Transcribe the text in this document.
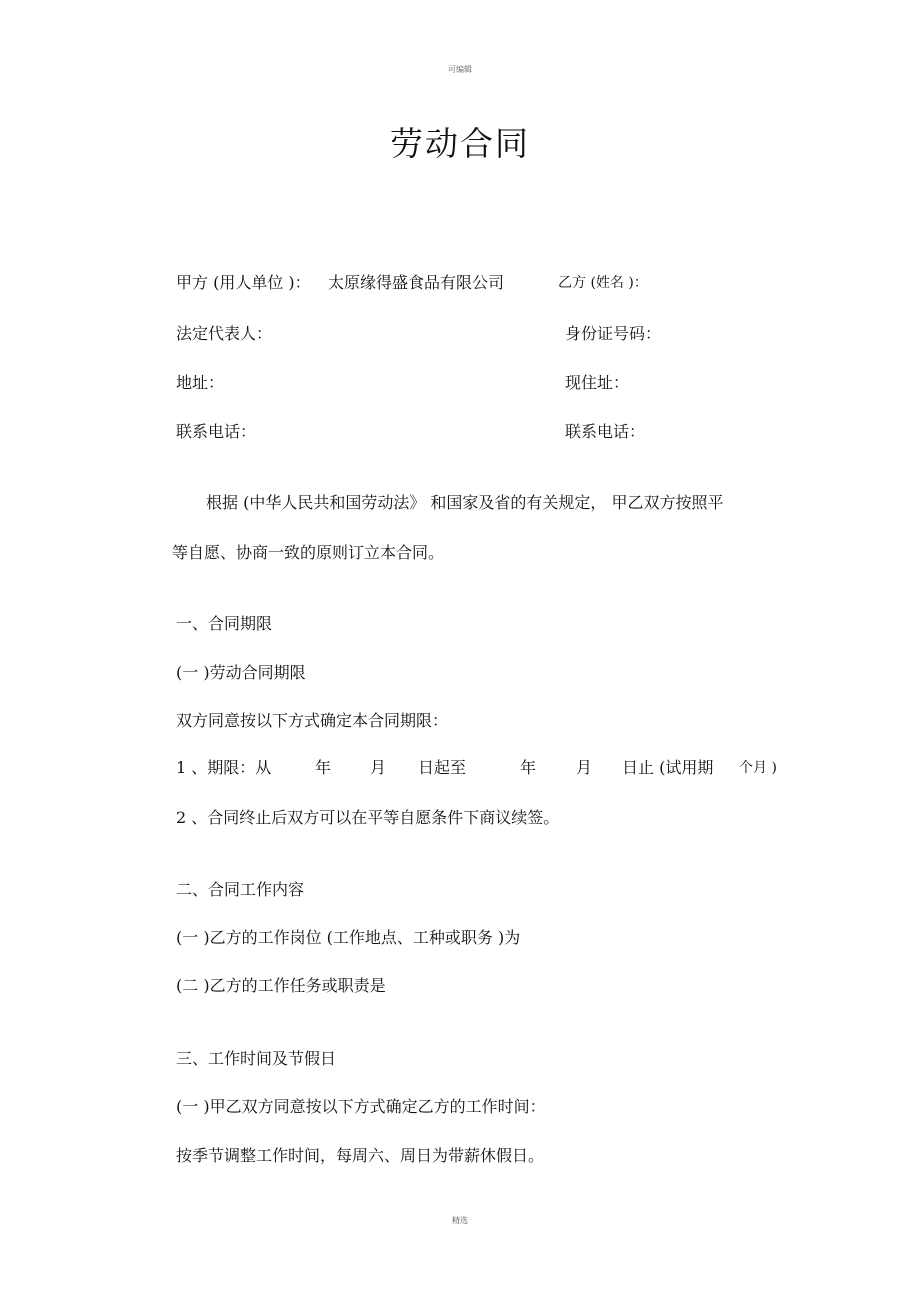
可编辑
劳动合同
甲方 (用人单位 )： 太原缘得盛食品有限公司	乙方 (姓名 )：
法定代表人：	身份证号码：
地址：	现住址：
联系电话：	联系电话：
根据 (中华人民共和国劳动法》 和国家及省的有关规定， 甲乙双方按照平
等自愿、协商一致的原则订立本合同。
一、合同期限
(一 )劳动合同期限
双方同意按以下方式确定本合同期限：
1 、期限：从	年 月 日起至	年 月 日止 (试用期 个月 )
2 、合同终止后双方可以在平等自愿条件下商议续签。
二、合同工作内容
(一 )乙方的工作岗位 (工作地点、工种或职务 )为
(二 )乙方的工作任务或职责是
三、工作时间及节假日
(一 )甲乙双方同意按以下方式确定乙方的工作时间：
按季节调整工作时间，每周六、周日为带薪休假日。
精选
